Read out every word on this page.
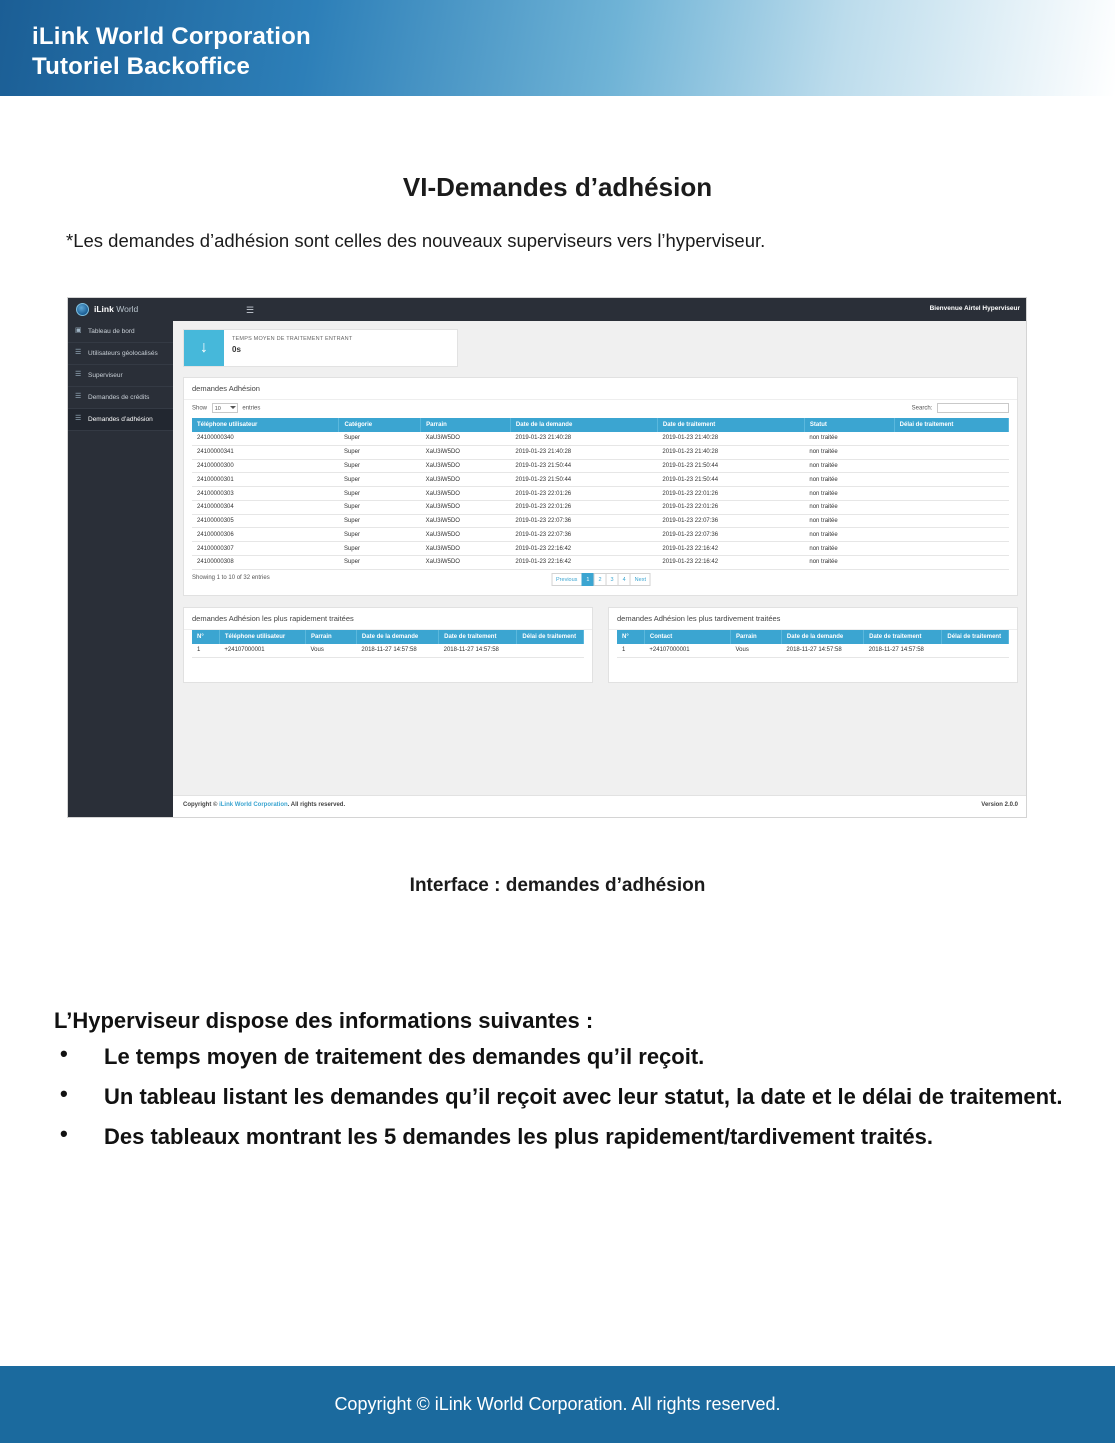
iLink World Corporation
Tutoriel Backoffice
VI-Demandes d’adhésion
*Les demandes d’adhésion sont celles des nouveaux superviseurs vers l’hyperviseur.
iLink World	☰	Bienvenue Airtel Hyperviseur
▣ Tableau de bord
☰ Utilisateurs géolocalisés
☰ Superviseur
☰ Demandes de crédits
☰ Demandes d’adhésion
↓	TEMPS MOYEN DE TRAITEMENT ENTRANT
0s
demandes Adhésion
Show 10	entries	Search:
Téléphone utilisateur	Catégorie	Parrain	Date de la demande	Date de traitement	Statut	Délai de traitement
24100000340	Super	XaU3iW5DO	2019-01-23 21:40:28	2019-01-23 21:40:28	non traitée	
24100000341	Super	XaU3iW5DO	2019-01-23 21:40:28	2019-01-23 21:40:28	non traitée	
24100000300	Super	XaU3iW5DO	2019-01-23 21:50:44	2019-01-23 21:50:44	non traitée	
24100000301	Super	XaU3iW5DO	2019-01-23 21:50:44	2019-01-23 21:50:44	non traitée	
24100000303	Super	XaU3iW5DO	2019-01-23 22:01:26	2019-01-23 22:01:26	non traitée	
24100000304	Super	XaU3iW5DO	2019-01-23 22:01:26	2019-01-23 22:01:26	non traitée	
24100000305	Super	XaU3iW5DO	2019-01-23 22:07:36	2019-01-23 22:07:36	non traitée	
24100000306	Super	XaU3iW5DO	2019-01-23 22:07:36	2019-01-23 22:07:36	non traitée	
24100000307	Super	XaU3iW5DO	2019-01-23 22:16:42	2019-01-23 22:16:42	non traitée	
24100000308	Super	XaU3iW5DO	2019-01-23 22:16:42	2019-01-23 22:16:42	non traitée	
Showing 1 to 10 of 32 entries	Previous	1	2	3	4	Next
demandes Adhésion les plus rapidement traitées
N°	Téléphone utilisateur	Parrain	Date de la demande	Date de traitement	Délai de traitement
1	+24107000001	Vous	2018-11-27 14:57:58	2018-11-27 14:57:58	
demandes Adhésion les plus tardivement traitées
N°	Contact	Parrain	Date de la demande	Date de traitement	Délai de traitement
1	+24107000001	Vous	2018-11-27 14:57:58	2018-11-27 14:57:58	
Copyright © iLink World Corporation. All rights reserved.	Version 2.0.0
Interface : demandes d’adhésion
L’Hyperviseur dispose des informations suivantes :
• Le temps moyen de traitement des demandes qu’il reçoit.
• Un tableau listant les demandes qu’il reçoit avec leur statut, la date et le délai de traitement.
• Des tableaux montrant les 5 demandes les plus rapidement/tardivement traités.
Copyright © iLink World Corporation. All rights reserved.
